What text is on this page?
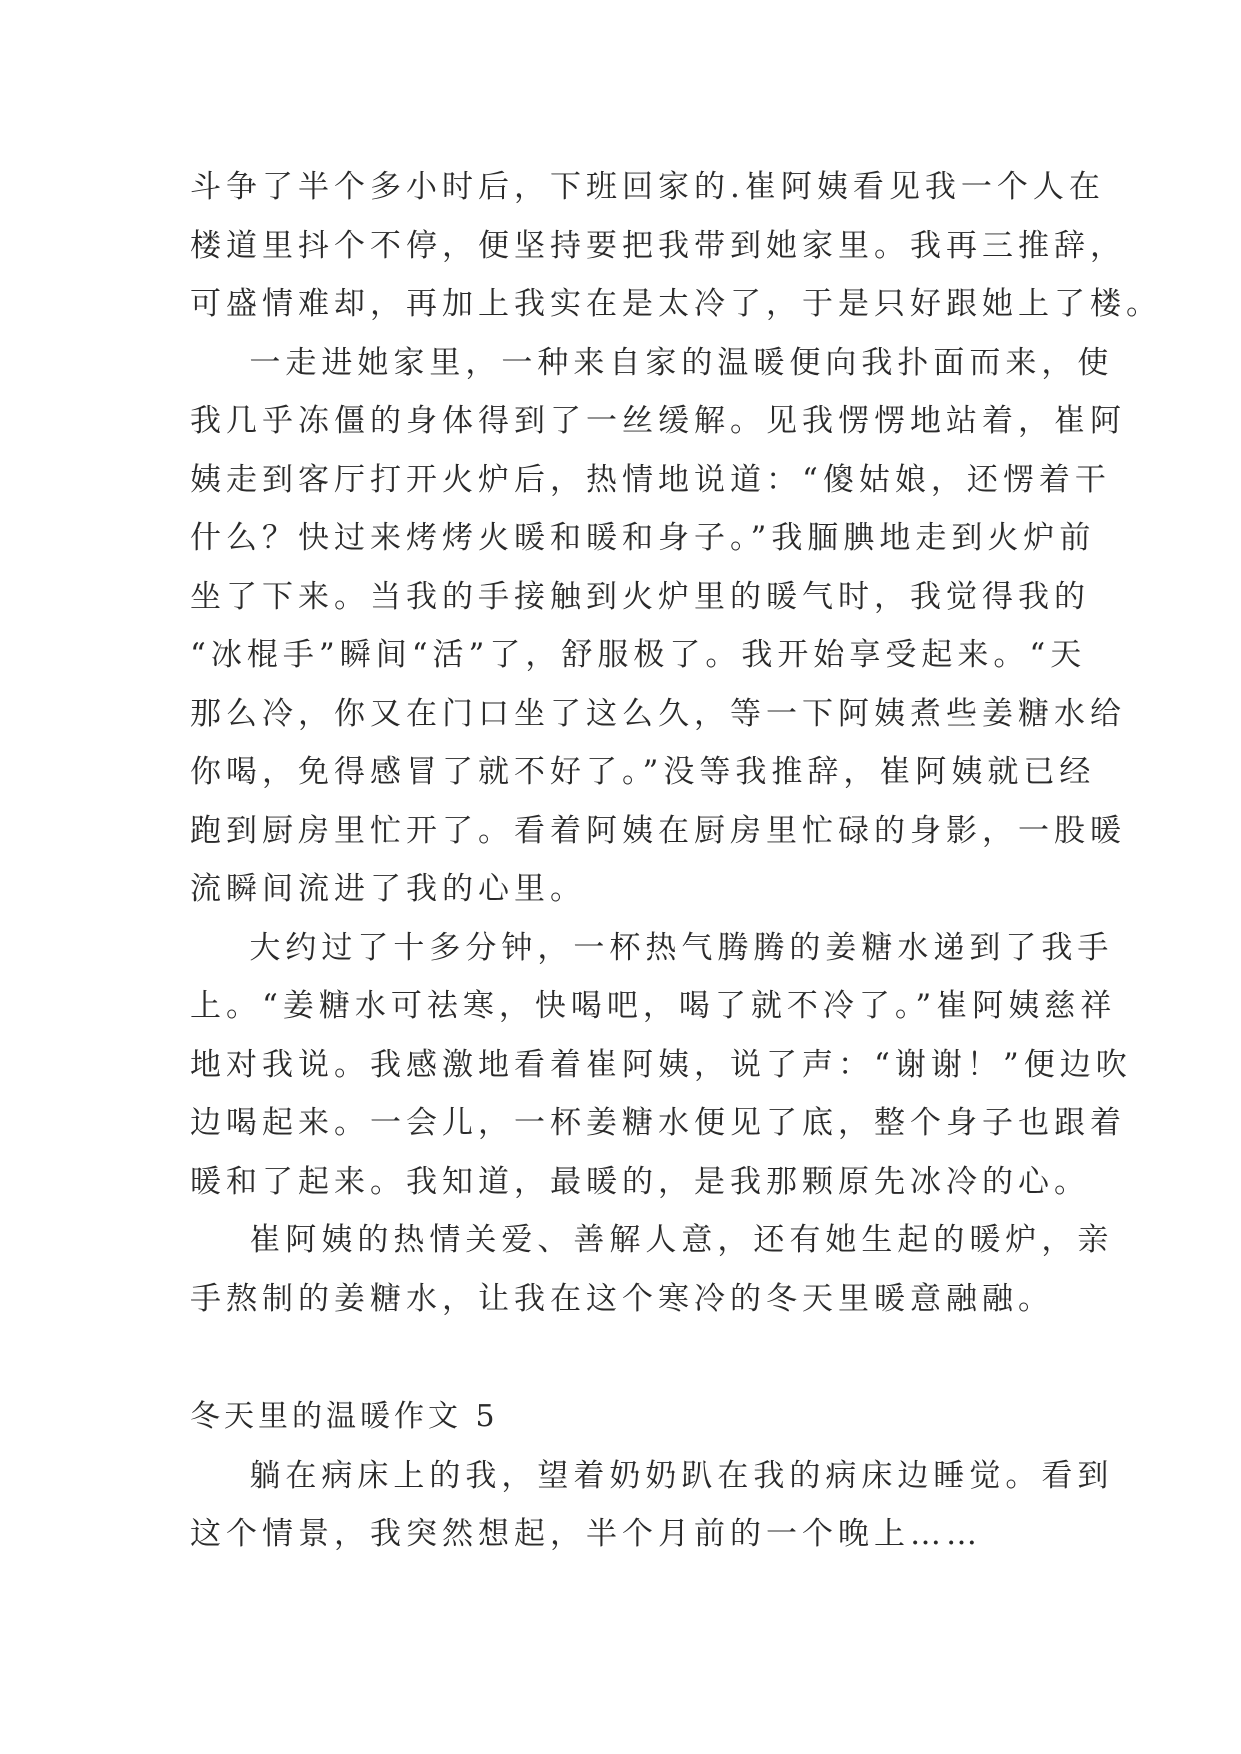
斗争了半个多小时后，下班回家的.崔阿姨看见我一个人在
楼道里抖个不停，便坚持要把我带到她家里。我再三推辞，
可盛情难却，再加上我实在是太冷了，于是只好跟她上了楼。
一走进她家里，一种来自家的温暖便向我扑面而来，使
我几乎冻僵的身体得到了一丝缓解。见我愣愣地站着，崔阿
姨走到客厅打开火炉后，热情地说道：“傻姑娘，还愣着干
什么？快过来烤烤火暖和暖和身子。”我腼腆地走到火炉前
坐了下来。当我的手接触到火炉里的暖气时，我觉得我的
“冰棍手”瞬间“活”了，舒服极了。我开始享受起来。“天
那么冷，你又在门口坐了这么久，等一下阿姨煮些姜糖水给
你喝，免得感冒了就不好了。”没等我推辞，崔阿姨就已经
跑到厨房里忙开了。看着阿姨在厨房里忙碌的身影，一股暖
流瞬间流进了我的心里。
大约过了十多分钟，一杯热气腾腾的姜糖水递到了我手
上。“姜糖水可祛寒，快喝吧，喝了就不冷了。”崔阿姨慈祥
地对我说。我感激地看着崔阿姨，说了声：“谢谢！”便边吹
边喝起来。一会儿，一杯姜糖水便见了底，整个身子也跟着
暖和了起来。我知道，最暖的，是我那颗原先冰冷的心。
崔阿姨的热情关爱、善解人意，还有她生起的暖炉，亲
手熬制的姜糖水，让我在这个寒冷的冬天里暖意融融。
冬天里的温暖作文 5
躺在病床上的我，望着奶奶趴在我的病床边睡觉。看到
这个情景，我突然想起，半个月前的一个晚上……
